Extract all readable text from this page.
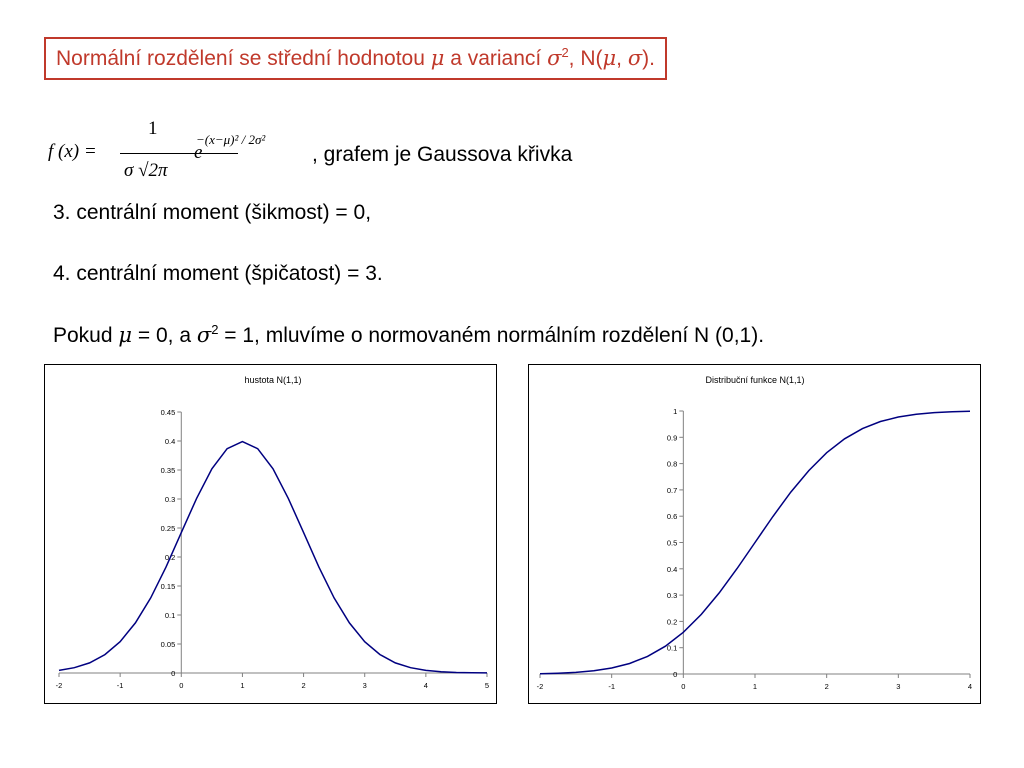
Normální rozdělení se střední hodnotou μ a variancí $\sigma^2$, N(μ, σ).
f (x) =
1
σ √2π
e
−(x−μ)² / 2σ²
, grafem je Gaussova křivka
3. centrální moment (šikmost) = 0,
4. centrální moment (špičatost) = 3.
Pokud μ = 0, a $\sigma^2 = 1$, mluvíme o normovaném normálním rozdělení N (0,1).
hustota N(1,1)
0
0.05
0.1
0.15
0.2
0.25
0.3
0.35
0.4
0.45
-2	-1	0	1	2	3	4	5
Distribuční funkce N(1,1)
0
0.1
0.2
0.3
0.4
0.5
0.6
0.7
0.8
0.9
1
-2	-1	0	1	2	3	4
